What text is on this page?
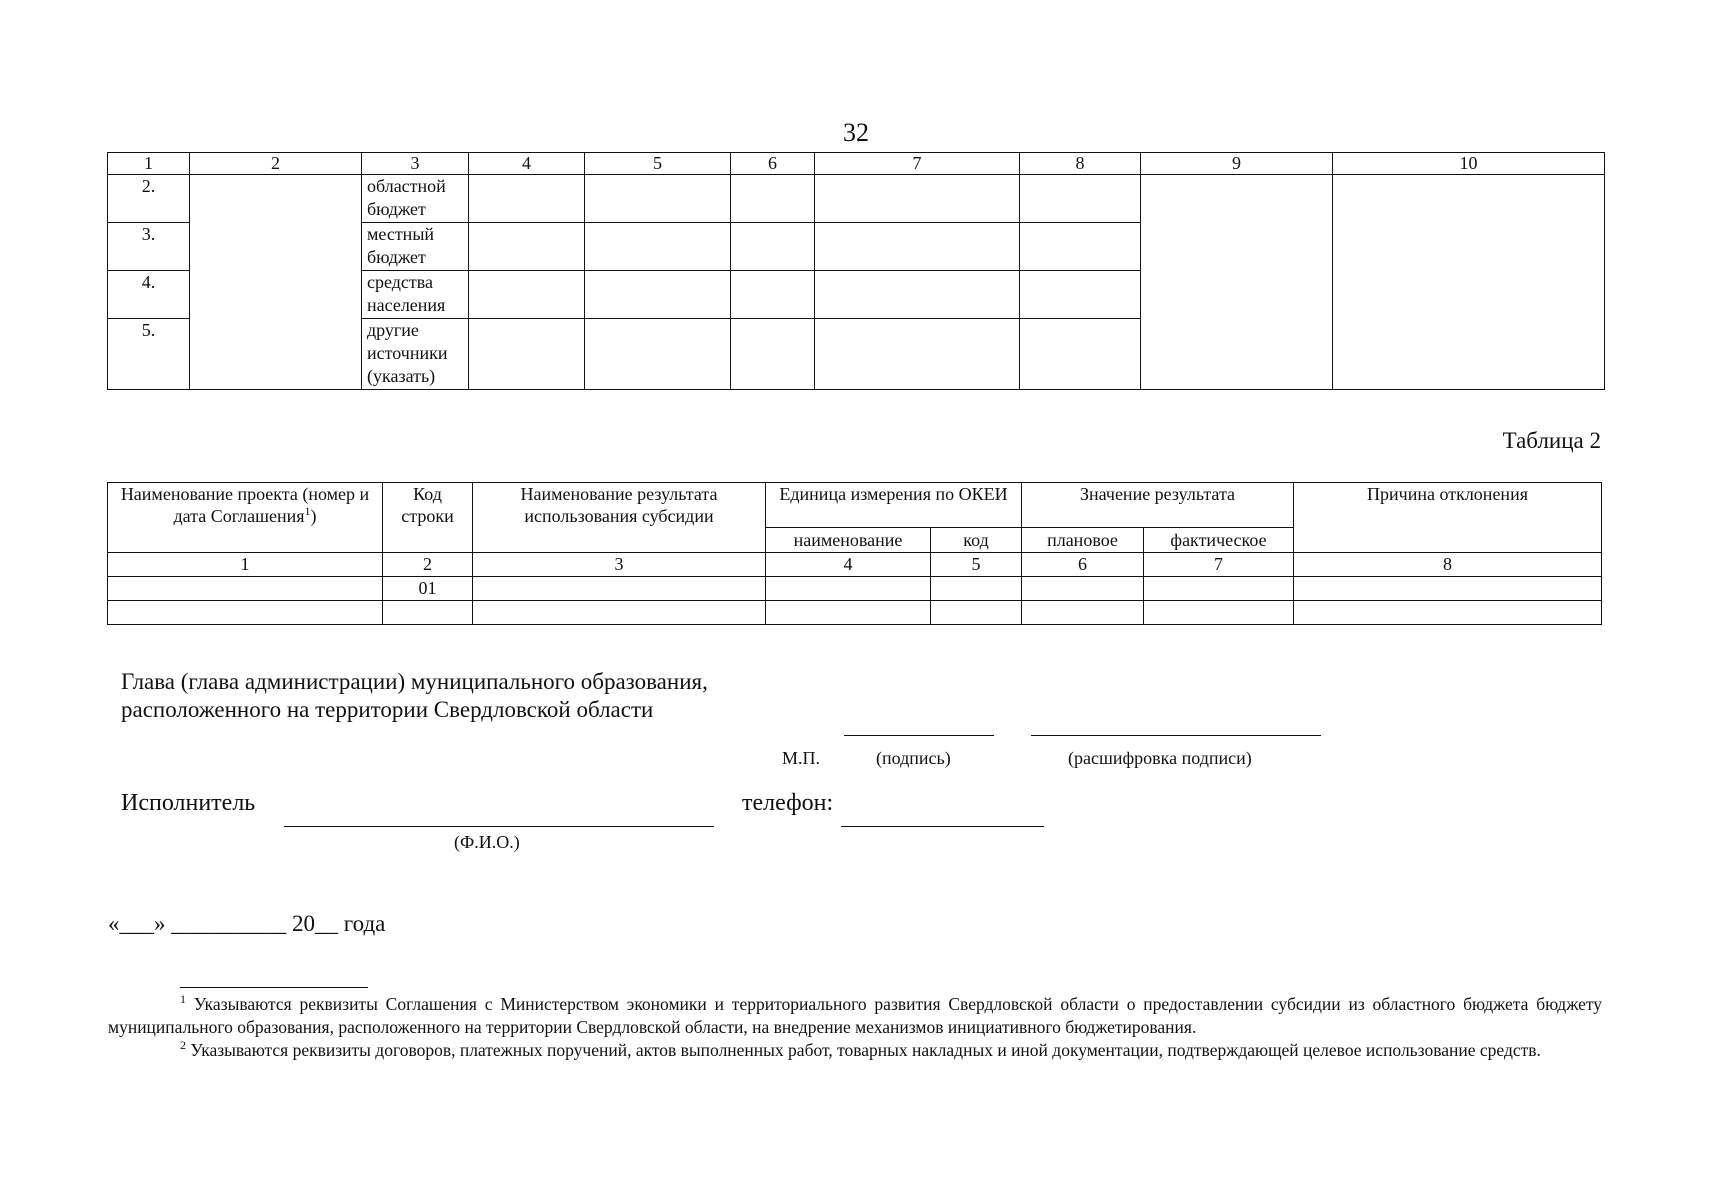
32
1	2	3	4	5	6	7	8	9	10
2.		областной бюджет							
3.		местный бюджет							
4.		средства населения							
5.		другие источники (указать)							
Таблица 2
Наименование проекта (номер и дата Соглашения$^1$)	Код строки	Наименование результата использования субсидии	Единица измерения по ОКЕИ		Значение результата		Причина отклонения
			наименование	код	плановое	фактическое	
1	2	3	4	5	6	7	8
	01						

Глава (глава администрации) муниципального образования,
расположенного на территории Свердловской области
М.П.	(подпись)	(расшифровка подписи)
Исполнитель
(Ф.И.О.)
телефон:
«___» __________ 20__ года

$^1$ Указываются реквизиты Соглашения с Министерством экономики и территориального развития Свердловской области о предоставлении субсидии из областного бюджета бюджету муниципального образования, расположенного на территории Свердловской области, на внедрение механизмов инициативного бюджетирования.

$^2$ Указываются реквизиты договоров, платежных поручений, актов выполненных работ, товарных накладных и иной документации, подтверждающей целевое использование средств.
